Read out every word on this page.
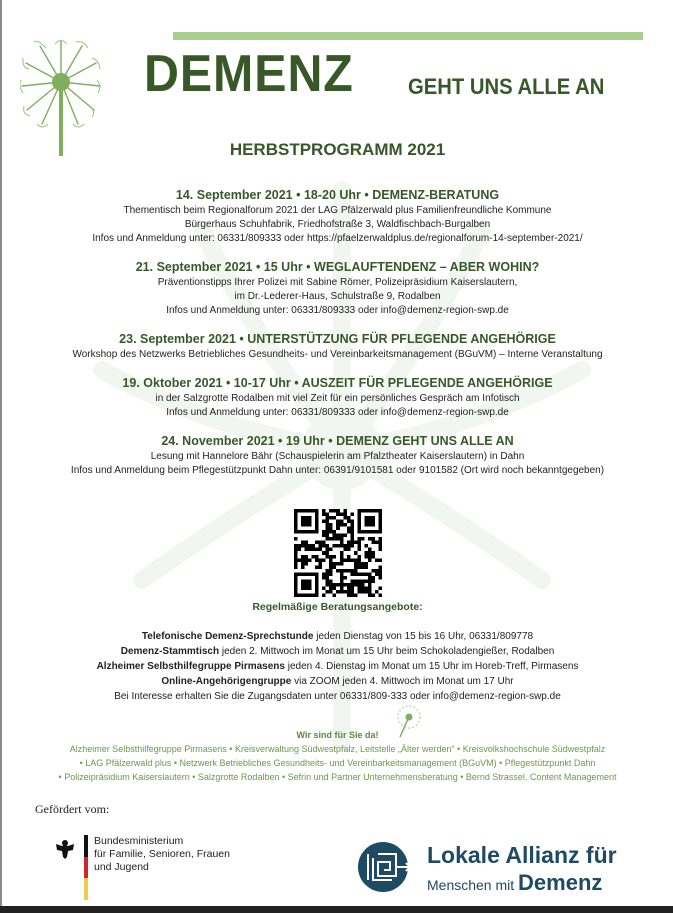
DEMENZ GEHT UNS ALLE AN
HERBSTPROGRAMM 2021
14. September 2021 • 18-20 Uhr • DEMENZ-BERATUNG
Thementisch beim Regionalforum 2021 der LAG Pfälzerwald plus Familienfreundliche Kommune
Bürgerhaus Schuhfabrik, Friedhofstraße 3, Waldfischbach-Burgalben
Infos und Anmeldung unter: 06331/809333 oder https://pfaelzerwaldplus.de/regionalforum-14-september-2021/
21. September 2021 • 15 Uhr • WEGLAUFTENDENZ – ABER WOHIN?
Präventionstipps Ihrer Polizei mit Sabine Römer, Polizeipräsidium Kaiserslautern,
im Dr.-Lederer-Haus, Schulstraße 9, Rodalben
Infos und Anmeldung unter: 06331/809333 oder info@demenz-region-swp.de
23. September 2021 • UNTERSTÜTZUNG FÜR PFLEGENDE ANGEHÖRIGE
Workshop des Netzwerks Betriebliches Gesundheits- und Vereinbarkeitsmanagement (BGuVM) – Interne Veranstaltung
19. Oktober 2021 • 10-17 Uhr • AUSZEIT FÜR PFLEGENDE ANGEHÖRIGE
in der Salzgrotte Rodalben mit viel Zeit für ein persönliches Gespräch am Infotisch
Infos und Anmeldung unter: 06331/809333 oder info@demenz-region-swp.de
24. November 2021 • 19 Uhr • DEMENZ GEHT UNS ALLE AN
Lesung mit Hannelore Bähr (Schauspielerin am Pfalztheater Kaiserslautern) in Dahn
Infos und Anmeldung beim Pflegestützpunkt Dahn unter: 06391/9101581 oder 9101582 (Ort wird noch bekanntgegeben)
Regelmäßige Beratungsangebote:
Telefonische Demenz-Sprechstunde jeden Dienstag von 15 bis 16 Uhr, 06331/809778
Demenz-Stammtisch jeden 2. Mittwoch im Monat um 15 Uhr beim Schokoladengießer, Rodalben
Alzheimer Selbsthilfegruppe Pirmasens jeden 4. Dienstag im Monat um 15 Uhr im Horeb-Treff, Pirmasens
Online-Angehörigengruppe via ZOOM jeden 4. Mittwoch im Monat um 17 Uhr
Bei Interesse erhalten Sie die Zugangsdaten unter 06331/809-333 oder info@demenz-region-swp.de
Wir sind für Sie da!
Alzheimer Selbsthilfegruppe Pirmasens • Kreisverwaltung Südwestpfalz, Leitstelle „Älter werden“ • Kreisvolkshochschule Südwestpfalz
• LAG Pfälzerwald plus • Netzwerk Betriebliches Gesundheits- und Vereinbarkeitsmanagement (BGuVM) • Pflegestützpunkt Dahn
• Polizeipräsidium Kaiserslautern • Salzgrotte Rodalben • Sefrin und Partner Unternehmensberatung • Bernd Strassel, Content Management
Gefördert vom:
Bundesministerium
für Familie, Senioren, Frauen
und Jugend	Lokale Allianz für
Menschen mit Demenz
